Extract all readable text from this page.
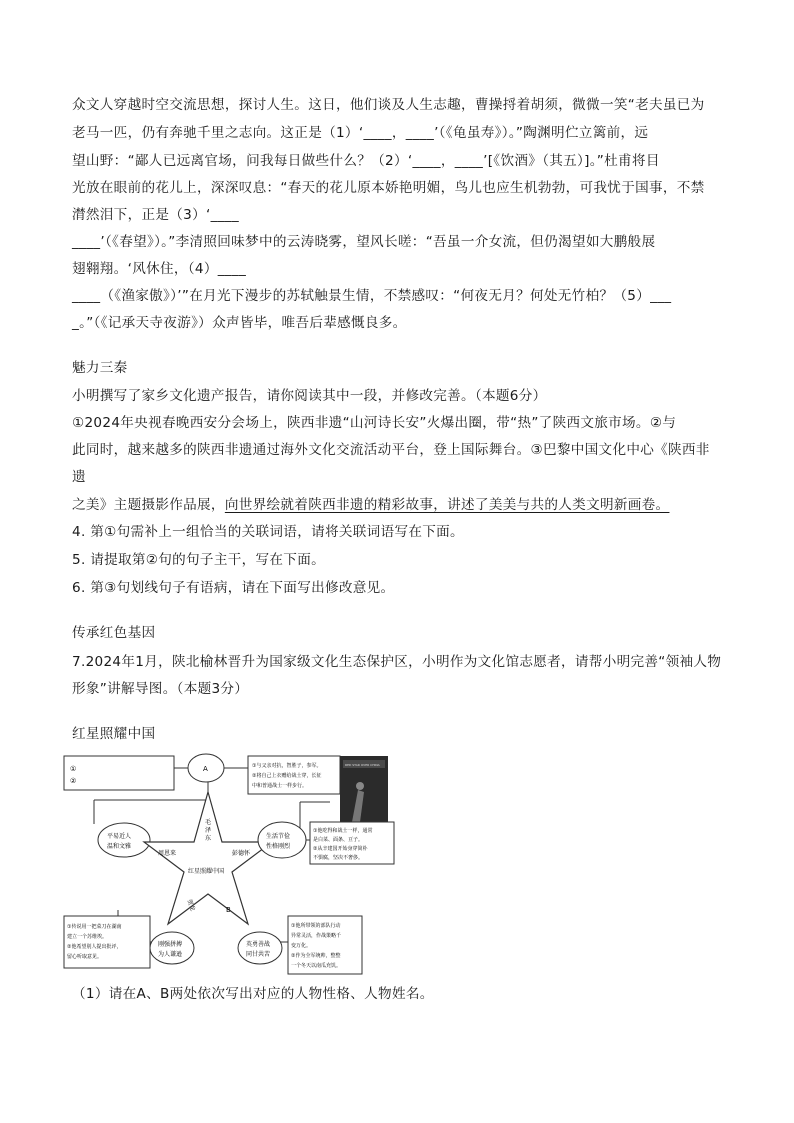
众文人穿越时空交流思想，探讨人生。这日，他们谈及人生志趣，曹操捋着胡须，微微一笑“老夫虽已为
老马一匹，仍有奔驰千里之志向。这正是（1）‘____，____’（《龟虽寿》）。”陶渊明伫立篱前，远
望山野：“鄙人已远离官场，问我每日做些什么？（2）‘____，____’[《饮酒》（其五）]。”杜甫将目
光放在眼前的花儿上，深深叹息：“春天的花儿原本娇艳明媚，鸟儿也应生机勃勃，可我忧于国事，不禁
潸然泪下，正是（3）‘____
____’（《春望》）。”李清照回味梦中的云涛晓雾，望风长嗟：“吾虽一介女流，但仍渴望如大鹏般展
翅翱翔。‘风休住，（4）____
____（《渔家傲》）’”在月光下漫步的苏轼触景生情，不禁感叹：“何夜无月？何处无竹柏？（5）___
_。”（《记承天寺夜游》）众声皆毕，唯吾后辈感慨良多。
魅力三秦
小明撰写了家乡文化遗产报告，请你阅读其中一段，并修改完善。（本题6分）
①2024年央视春晚西安分会场上，陕西非遗“山河诗长安”火爆出圈，带“热”了陕西文旅市场。②与
此同时，越来越多的陕西非遗通过海外文化交流活动平台，登上国际舞台。③巴黎中国文化中心《陕西非
遗
之美》主题摄影作品展，向世界绘就着陕西非遗的精彩故事，讲述了美美与共的人类文明新画卷。
4. 第①句需补上一组恰当的关联词语，请将关联词语写在下面。
5. 请提取第②句的句子主干，写在下面。
6. 第③句划线句子有语病，请在下面写出修改意见。
传承红色基因
7.2024年1月，陕北榆林晋升为国家级文化生态保护区，小明作为文化馆志愿者，请帮小明完善“领袖人物
形象”讲解导图。（本题3分）
红星照耀中国
①
②
A	①与父亲对抗，智胜子，参军。
②将自己上衣赠给战士穿，长征
中和普通战士一样步行。
RED STAR OVER CHINA
平易近人
温和文雅
毛
泽
东
周恩来	彭德怀
红星照耀中国
贺龙	B
生活节俭
性格刚烈
①他吃得和战士一样，通常
是白菜、面条、豆子。
②从辛建国开始身穿简朴
不惧腐，坚决不奢侈。
①传说用一把菜刀在湖南
建立一个苏维埃。
②他希望别人提出批评，
留心听取意见。
刚强拼搏
为人谦逊
英勇善战
同甘共苦
①他所带领的部队行动
异常灵活，作战策略千
变万化。
②作为全军统帅，整整
一个冬天以南瓜充饥。
（1）请在A、B两处依次写出对应的人物性格、人物姓名。
